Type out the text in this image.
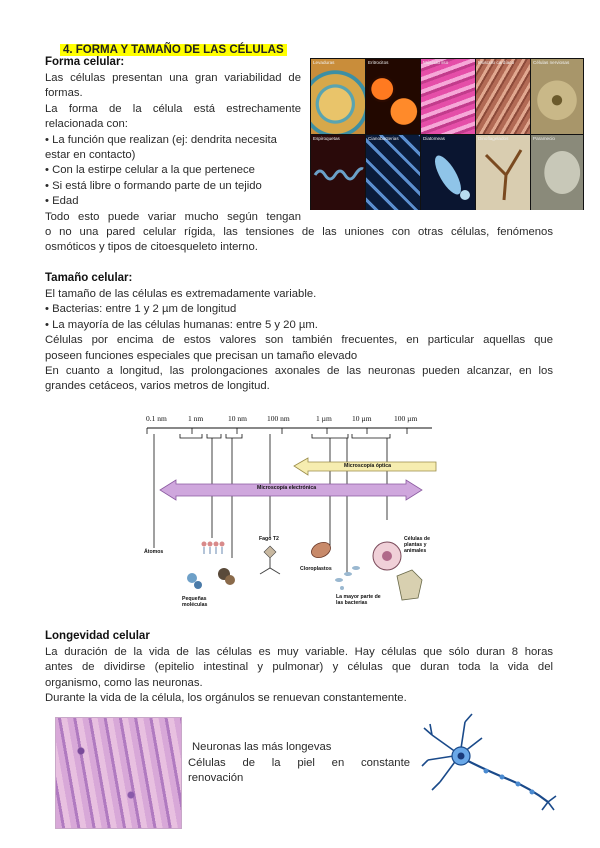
4. FORMA Y TAMAÑO DE LAS CÉLULAS
Forma celular:
Las células presentan una gran variabilidad de
formas.
La forma de la célula está estrechamente
relacionada con:
• La función que realizan (ej: dendrita necesita
estar en contacto)
• Con la estirpe celular a la que pertenece
• Si está libre o formando parte de un tejido
• Edad
Todo esto puede variar mucho según tengan
o no una pared celular rígida, las tensiones de las uniones con otras células, fenómenos
osmóticos y tipos de citoesqueleto interno.
Levaduras	Eritrocitos	Músculo liso	Músculo cardíaco	Células nerviosas
Espiroquetas	Cianobacterias	Diatomeas	Dinoflagelados	Paramecio
Tamaño celular:
El tamaño de las células es extremadamente variable.
• Bacterias: entre 1 y 2 µm de longitud
• La mayoría de las células humanas: entre 5 y 20 µm.
Células por encima de estos valores son también frecuentes, en particular aquellas que
poseen funciones especiales que precisan un tamaño elevado
En cuanto a longitud, las prolongaciones axonales de las neuronas pueden alcanzar, en los
grandes cetáceos, varios metros de longitud.
0.1 nm	1 nm	10 nm	100 nm	1 µm	10 µm	100 µm
Microscopía óptica
Microscopía electrónica
Átomos
Pequeñas moléculas
Fago T2
Cloroplastos
La mayor parte de las bacterias
Células de plantas y animales
Longevidad celular
La duración de la vida de las células es muy variable. Hay células que sólo duran 8 horas
antes de dividirse (epitelio intestinal y pulmonar) y células que duran toda la vida del
organismo, como las neuronas.
Durante la vida de la célula, los orgánulos se renuevan constantemente.
Neuronas las más longevas
Células de la piel en constante
renovación
